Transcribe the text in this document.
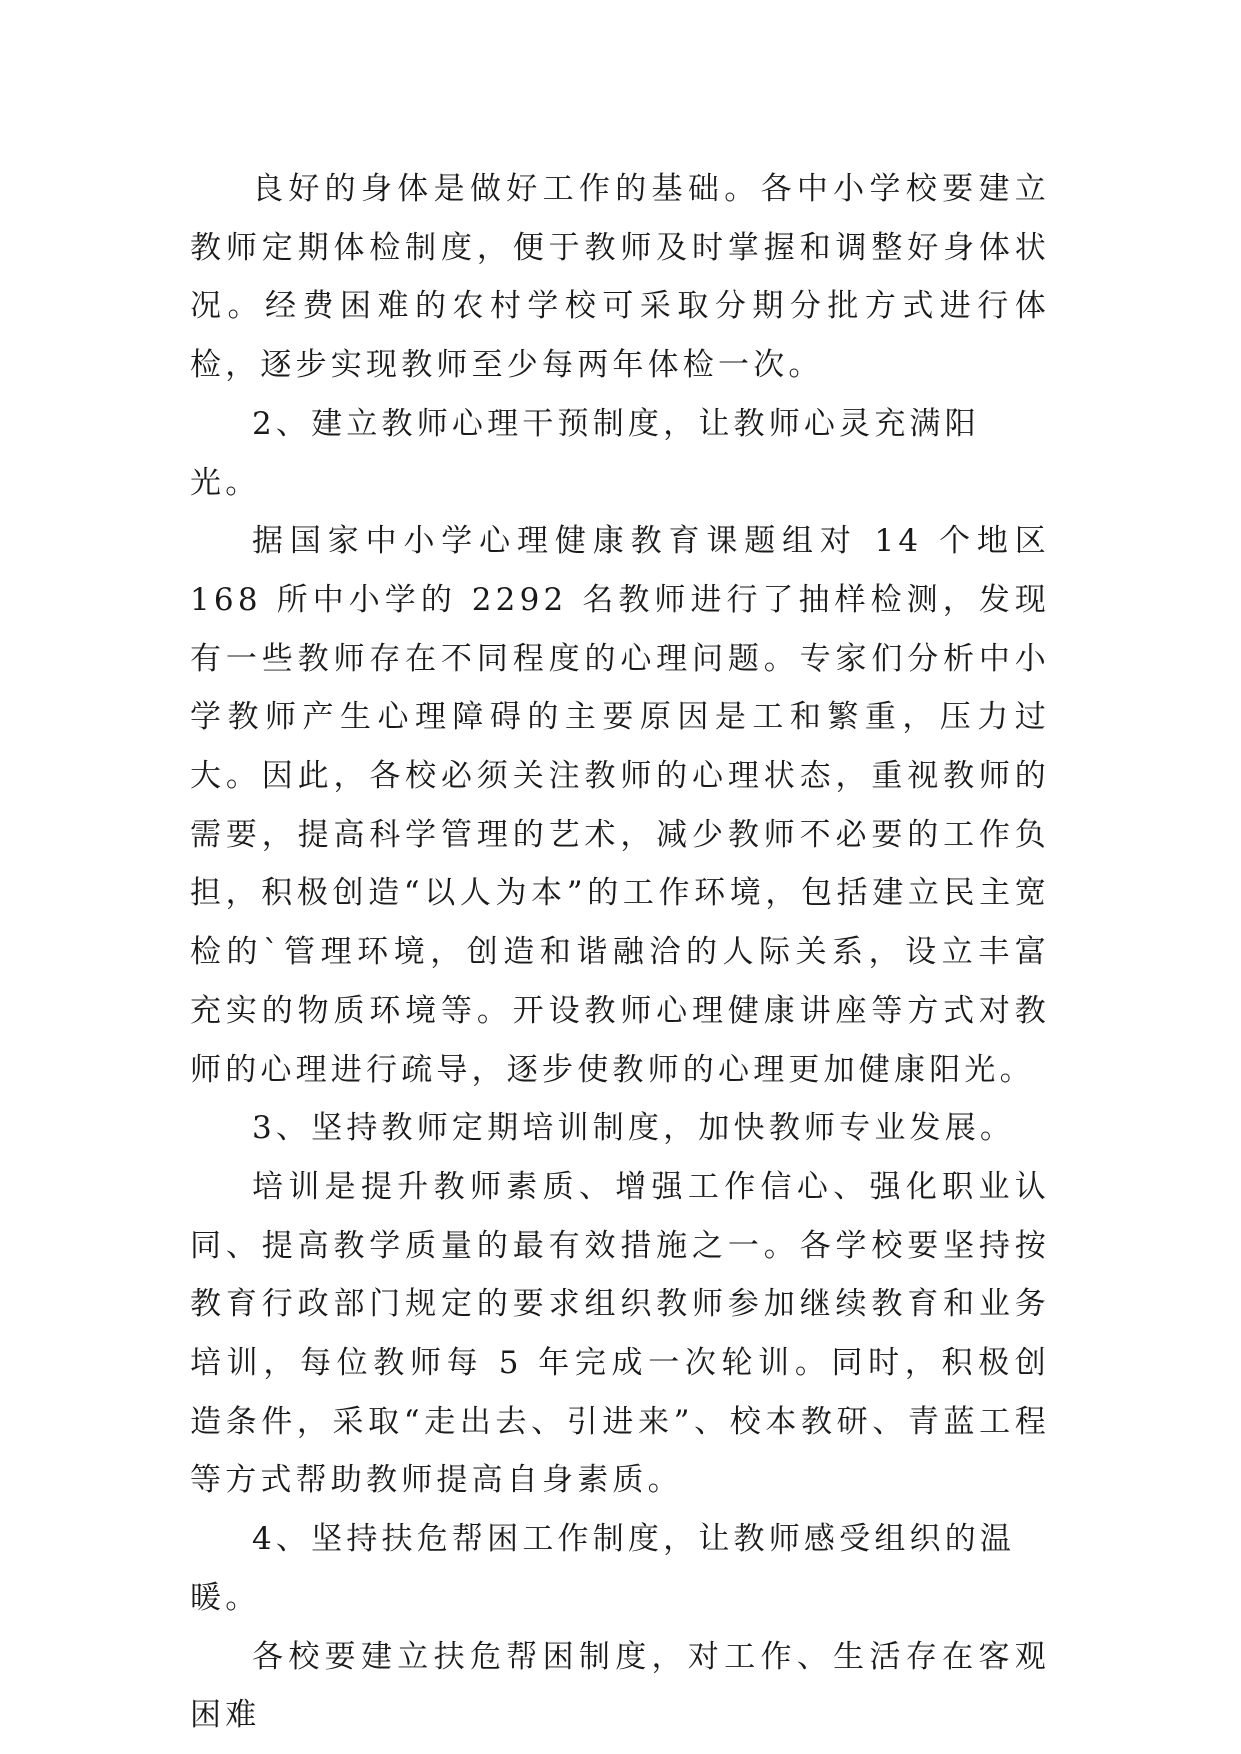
良好的身体是做好工作的基础。各中小学校要建立教师定期体检制度，便于教师及时掌握和调整好身体状况。经费困难的农村学校可采取分期分批方式进行体检，逐步实现教师至少每两年体检一次。

2、建立教师心理干预制度，让教师心灵充满阳光。

据国家中小学心理健康教育课题组对 14 个地区 168 所中小学的 2292 名教师进行了抽样检测，发现有一些教师存在不同程度的心理问题。专家们分析中小学教师产生心理障碍的主要原因是工和繁重，压力过大。因此，各校必须关注教师的心理状态，重视教师的需要，提高科学管理的艺术，减少教师不必要的工作负担，积极创造“以人为本”的工作环境，包括建立民主宽检的`管理环境，创造和谐融洽的人际关系，设立丰富充实的物质环境等。开设教师心理健康讲座等方式对教师的心理进行疏导，逐步使教师的心理更加健康阳光。

3、坚持教师定期培训制度，加快教师专业发展。

培训是提升教师素质、增强工作信心、强化职业认同、提高教学质量的最有效措施之一。各学校要坚持按教育行政部门规定的要求组织教师参加继续教育和业务培训，每位教师每 5 年完成一次轮训。同时，积极创造条件，采取“走出去、引进来”、校本教研、青蓝工程等方式帮助教师提高自身素质。

4、坚持扶危帮困工作制度，让教师感受组织的温暖。

各校要建立扶危帮困制度，对工作、生活存在客观困难
